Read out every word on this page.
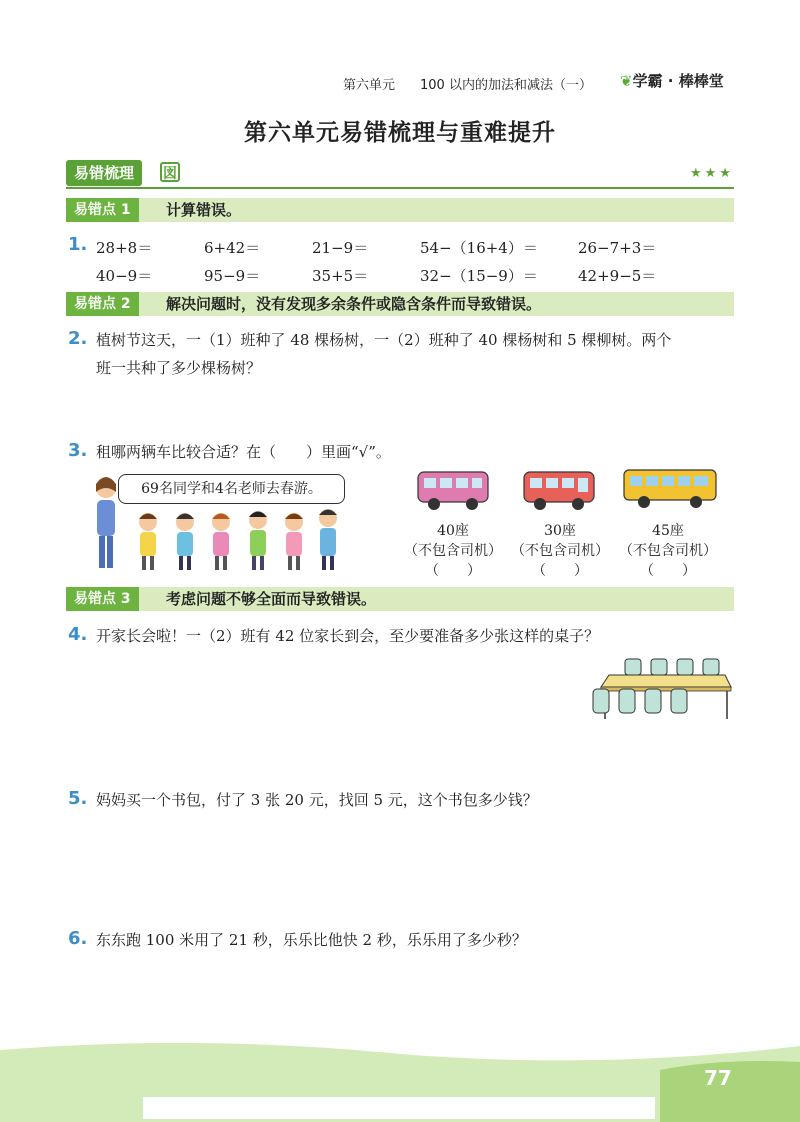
第六单元 100 以内的加法和减法（一） ❦学霸 · 棒棒堂
第六单元易错梳理与重难提升
易错梳理	図	★★★
易错点 1	计算错误。
1. 28+8＝	6+42＝	21−9＝	54−（16+4）＝	26−7+3＝
40−9＝	95−9＝	35+5＝	32−（15−9）＝	42+9−5＝
易错点 2	解决问题时，没有发现多余条件或隐含条件而导致错误。
2. 植树节这天，一（1）班种了 48 棵杨树，一（2）班种了 40 棵杨树和 5 棵柳树。两个
班一共种了多少棵杨树？
3. 租哪两辆车比较合适？在（　　）里画“√”。
69名同学和4名老师去春游。
40座
（不包含司机）
（　　）
30座
（不包含司机）
（　　）
45座
（不包含司机）
（　　）
易错点 3	考虑问题不够全面而导致错误。
4. 开家长会啦！一（2）班有 42 位家长到会，至少要准备多少张这样的桌子？
5. 妈妈买一个书包，付了 3 张 20 元，找回 5 元，这个书包多少钱？
6. 东东跑 100 米用了 21 秒，乐乐比他快 2 秒，乐乐用了多少秒？
77
